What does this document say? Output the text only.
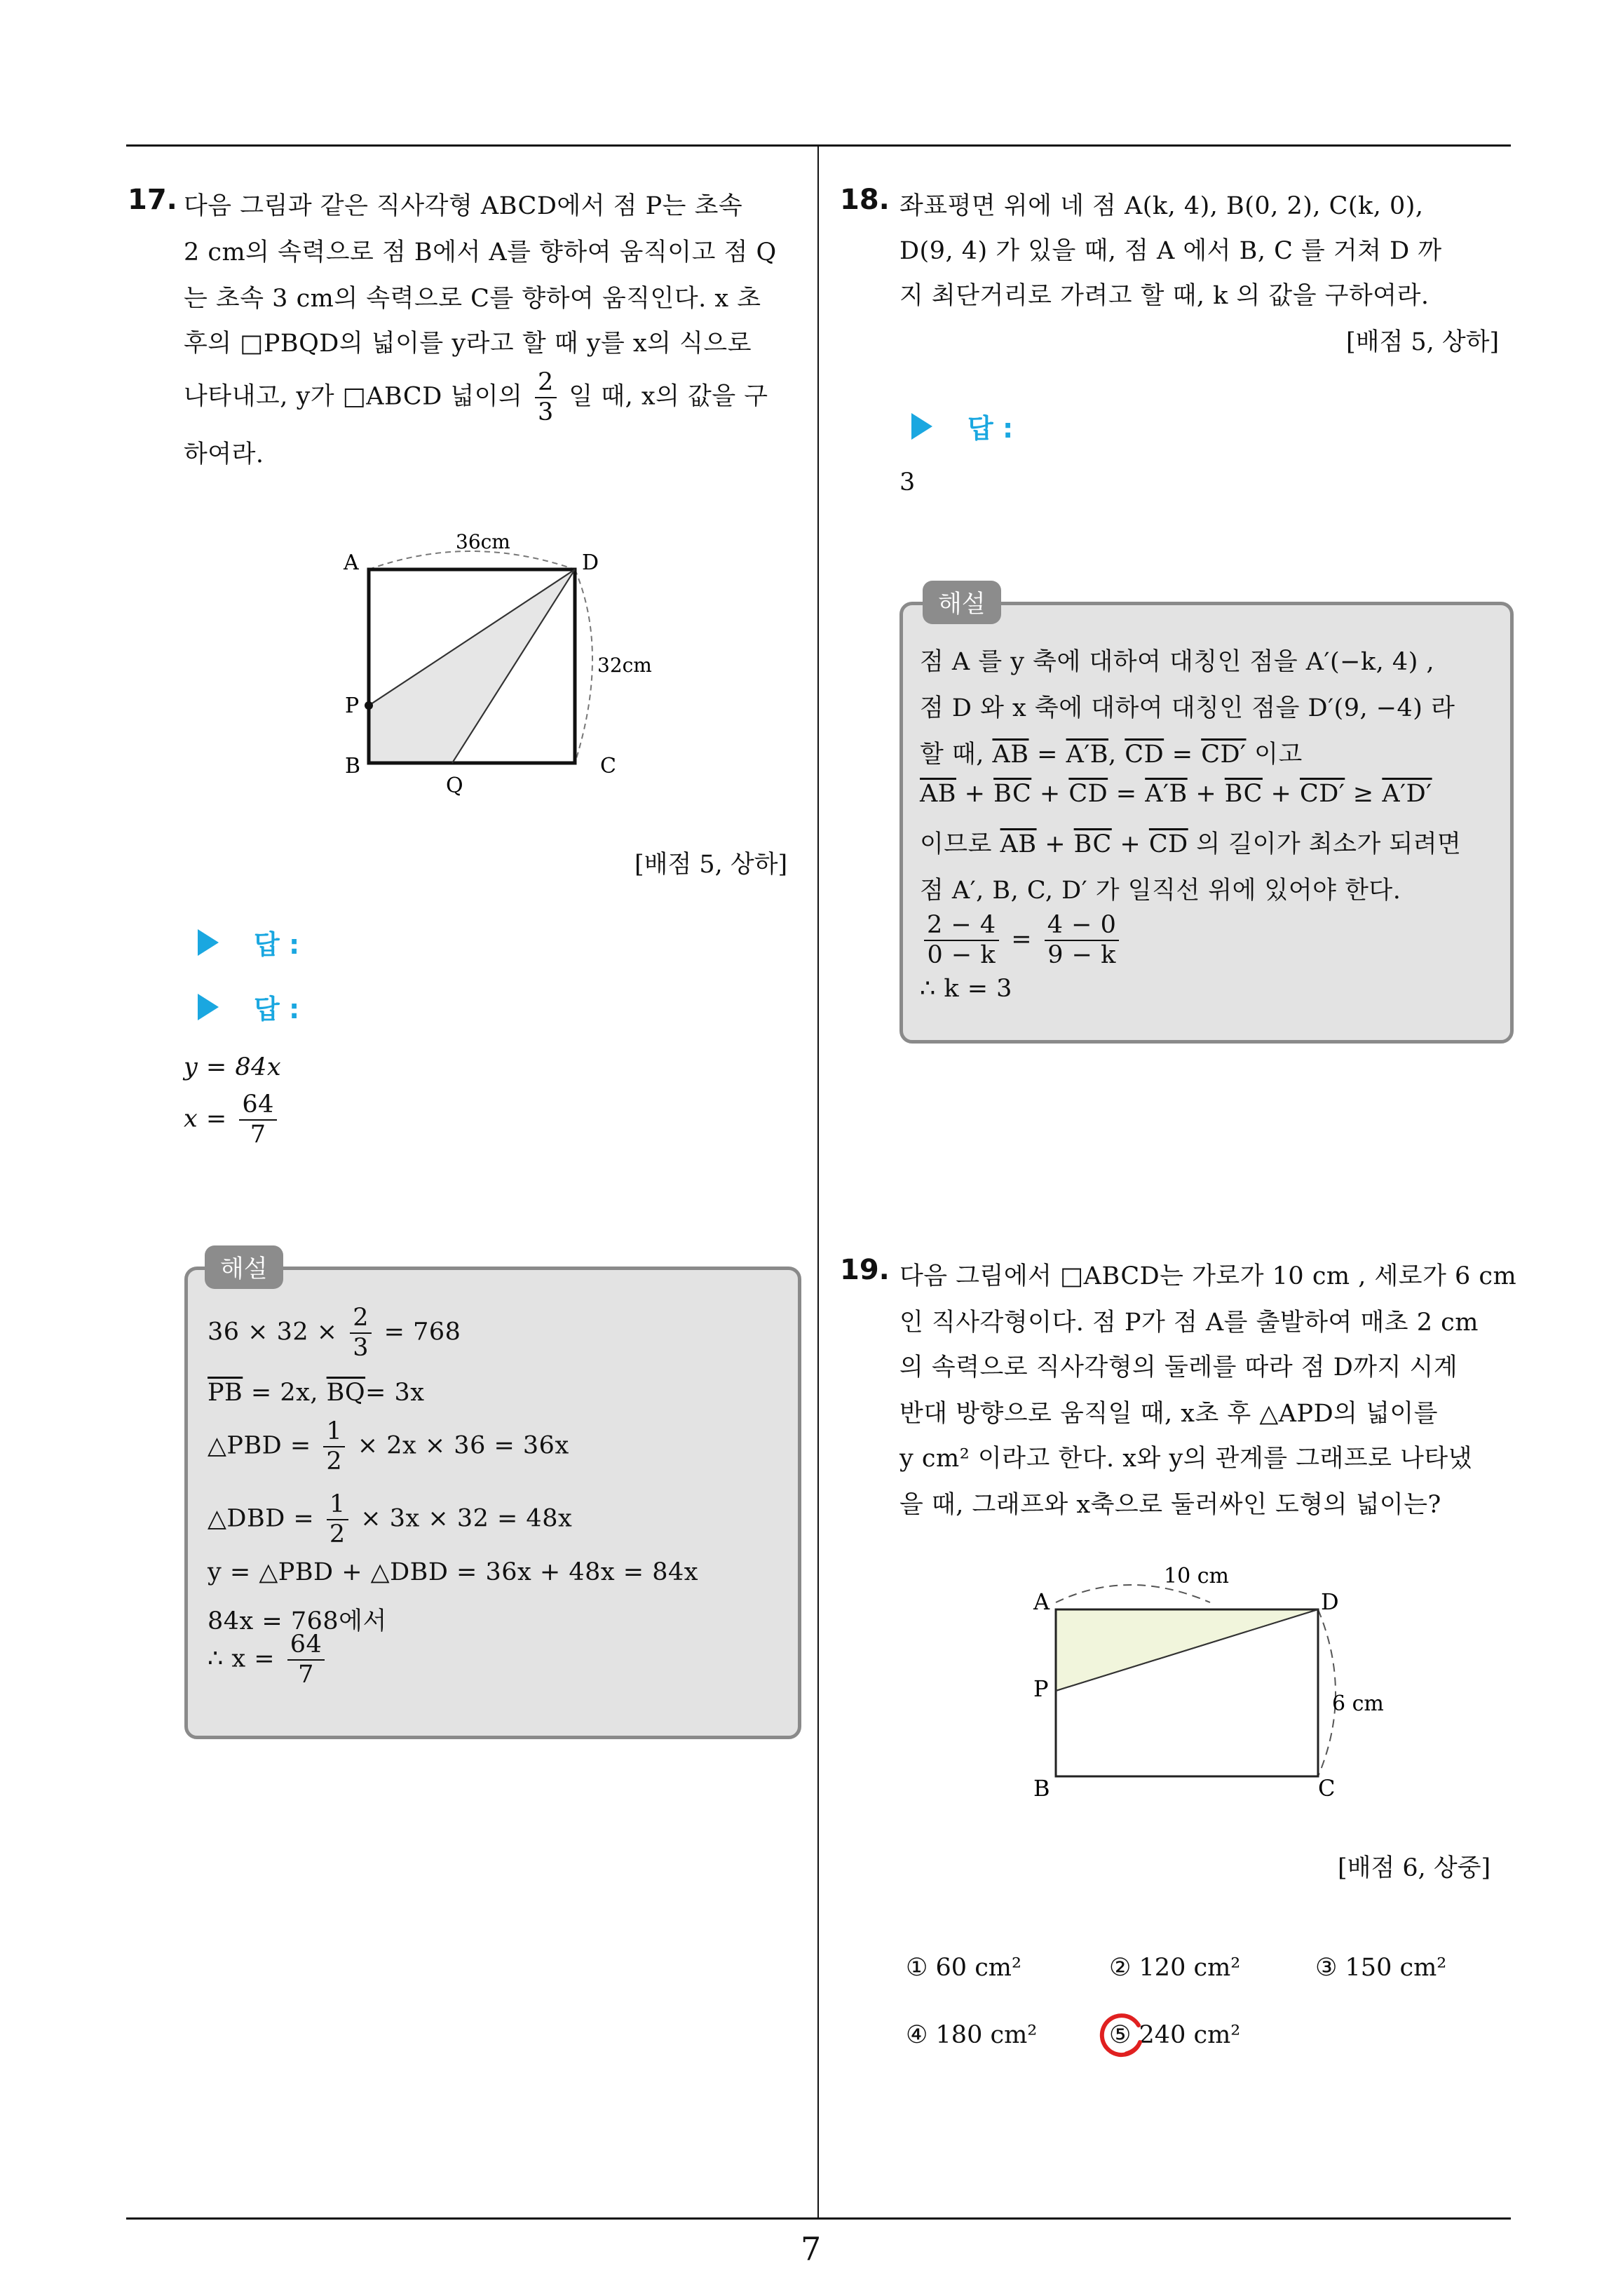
7
17. 다음 그림과 같은 직사각형 ABCD에서 점 P는 초속
2 cm의 속력으로 점 B에서 A를 향하여 움직이고 점 Q
는 초속 3 cm의 속력으로 C를 향하여 움직인다. x 초
후의 □PBQD의 넓이를 y라고 할 때 y를 x의 식으로
나타내고, y가 □ABCD 넓이의 $\frac{2}{3}$ 일 때, x의 값을 구
하여라.
A	D
B	C
P
Q
36cm
32cm
[배점 5, 상하]
답 :
답 :
y = 84x
$x = \frac{64}{7}$
해설
$36 \times 32 \times \frac{2}{3} = 768$
$\overline{PB} = 2x$, $\overline{BQ}= 3x$
△PBD = $\frac{1}{2} \times 2x \times 36 = 36x$
△DBD = $\frac{1}{2} \times 3x \times 32 = 48x$
y = △PBD + △DBD = 36x + 48x = 84x
84x = 768에서
∴ $x = \frac{64}{7}$
18. 좌표평면 위에 네 점 A(k, 4), B(0, 2), C(k, 0),
D(9, 4) 가 있을 때, 점 A 에서 B, C 를 거쳐 D 까
지 최단거리로 가려고 할 때, k 의 값을 구하여라.
[배점 5, 상하]
답 :
3
해설
점 A 를 y 축에 대하여 대칭인 점을 A′(−k, 4) ,
점 D 와 x 축에 대하여 대칭인 점을 D′(9, −4) 라
할 때, $\overline{AB} = A'B$, $\overline{CD} = CD'$ 이고
$\overline{AB} + \overline{BC} + \overline{CD} = A'B + \overline{BC} + CD' \ge A'D'$
이므로 $\overline{AB} + \overline{BC} + \overline{CD}$ 의 길이가 최소가 되려면
점 A′, B, C, D′ 가 일직선 위에 있어야 한다.
$\frac{2 - 4}{0 - k} = \frac{4 - 0}{9 - k}$
∴ k = 3
19. 다음 그림에서 □ABCD는 가로가 10 cm , 세로가 6 cm
인 직사각형이다. 점 P가 점 A를 출발하여 매초 2 cm
의 속력으로 직사각형의 둘레를 따라 점 D까지 시계
반대 방향으로 움직일 때, x초 후 △APD의 넓이를
y cm² 이라고 한다. x와 y의 관계를 그래프로 나타냈
을 때, 그래프와 x축으로 둘러싸인 도형의 넓이는?
A	D
P
B	C
10 cm
6 cm
[배점 6, 상중]
① 60 cm²	② 120 cm²	③ 150 cm²
④ 180 cm²	⑤ 240 cm²
